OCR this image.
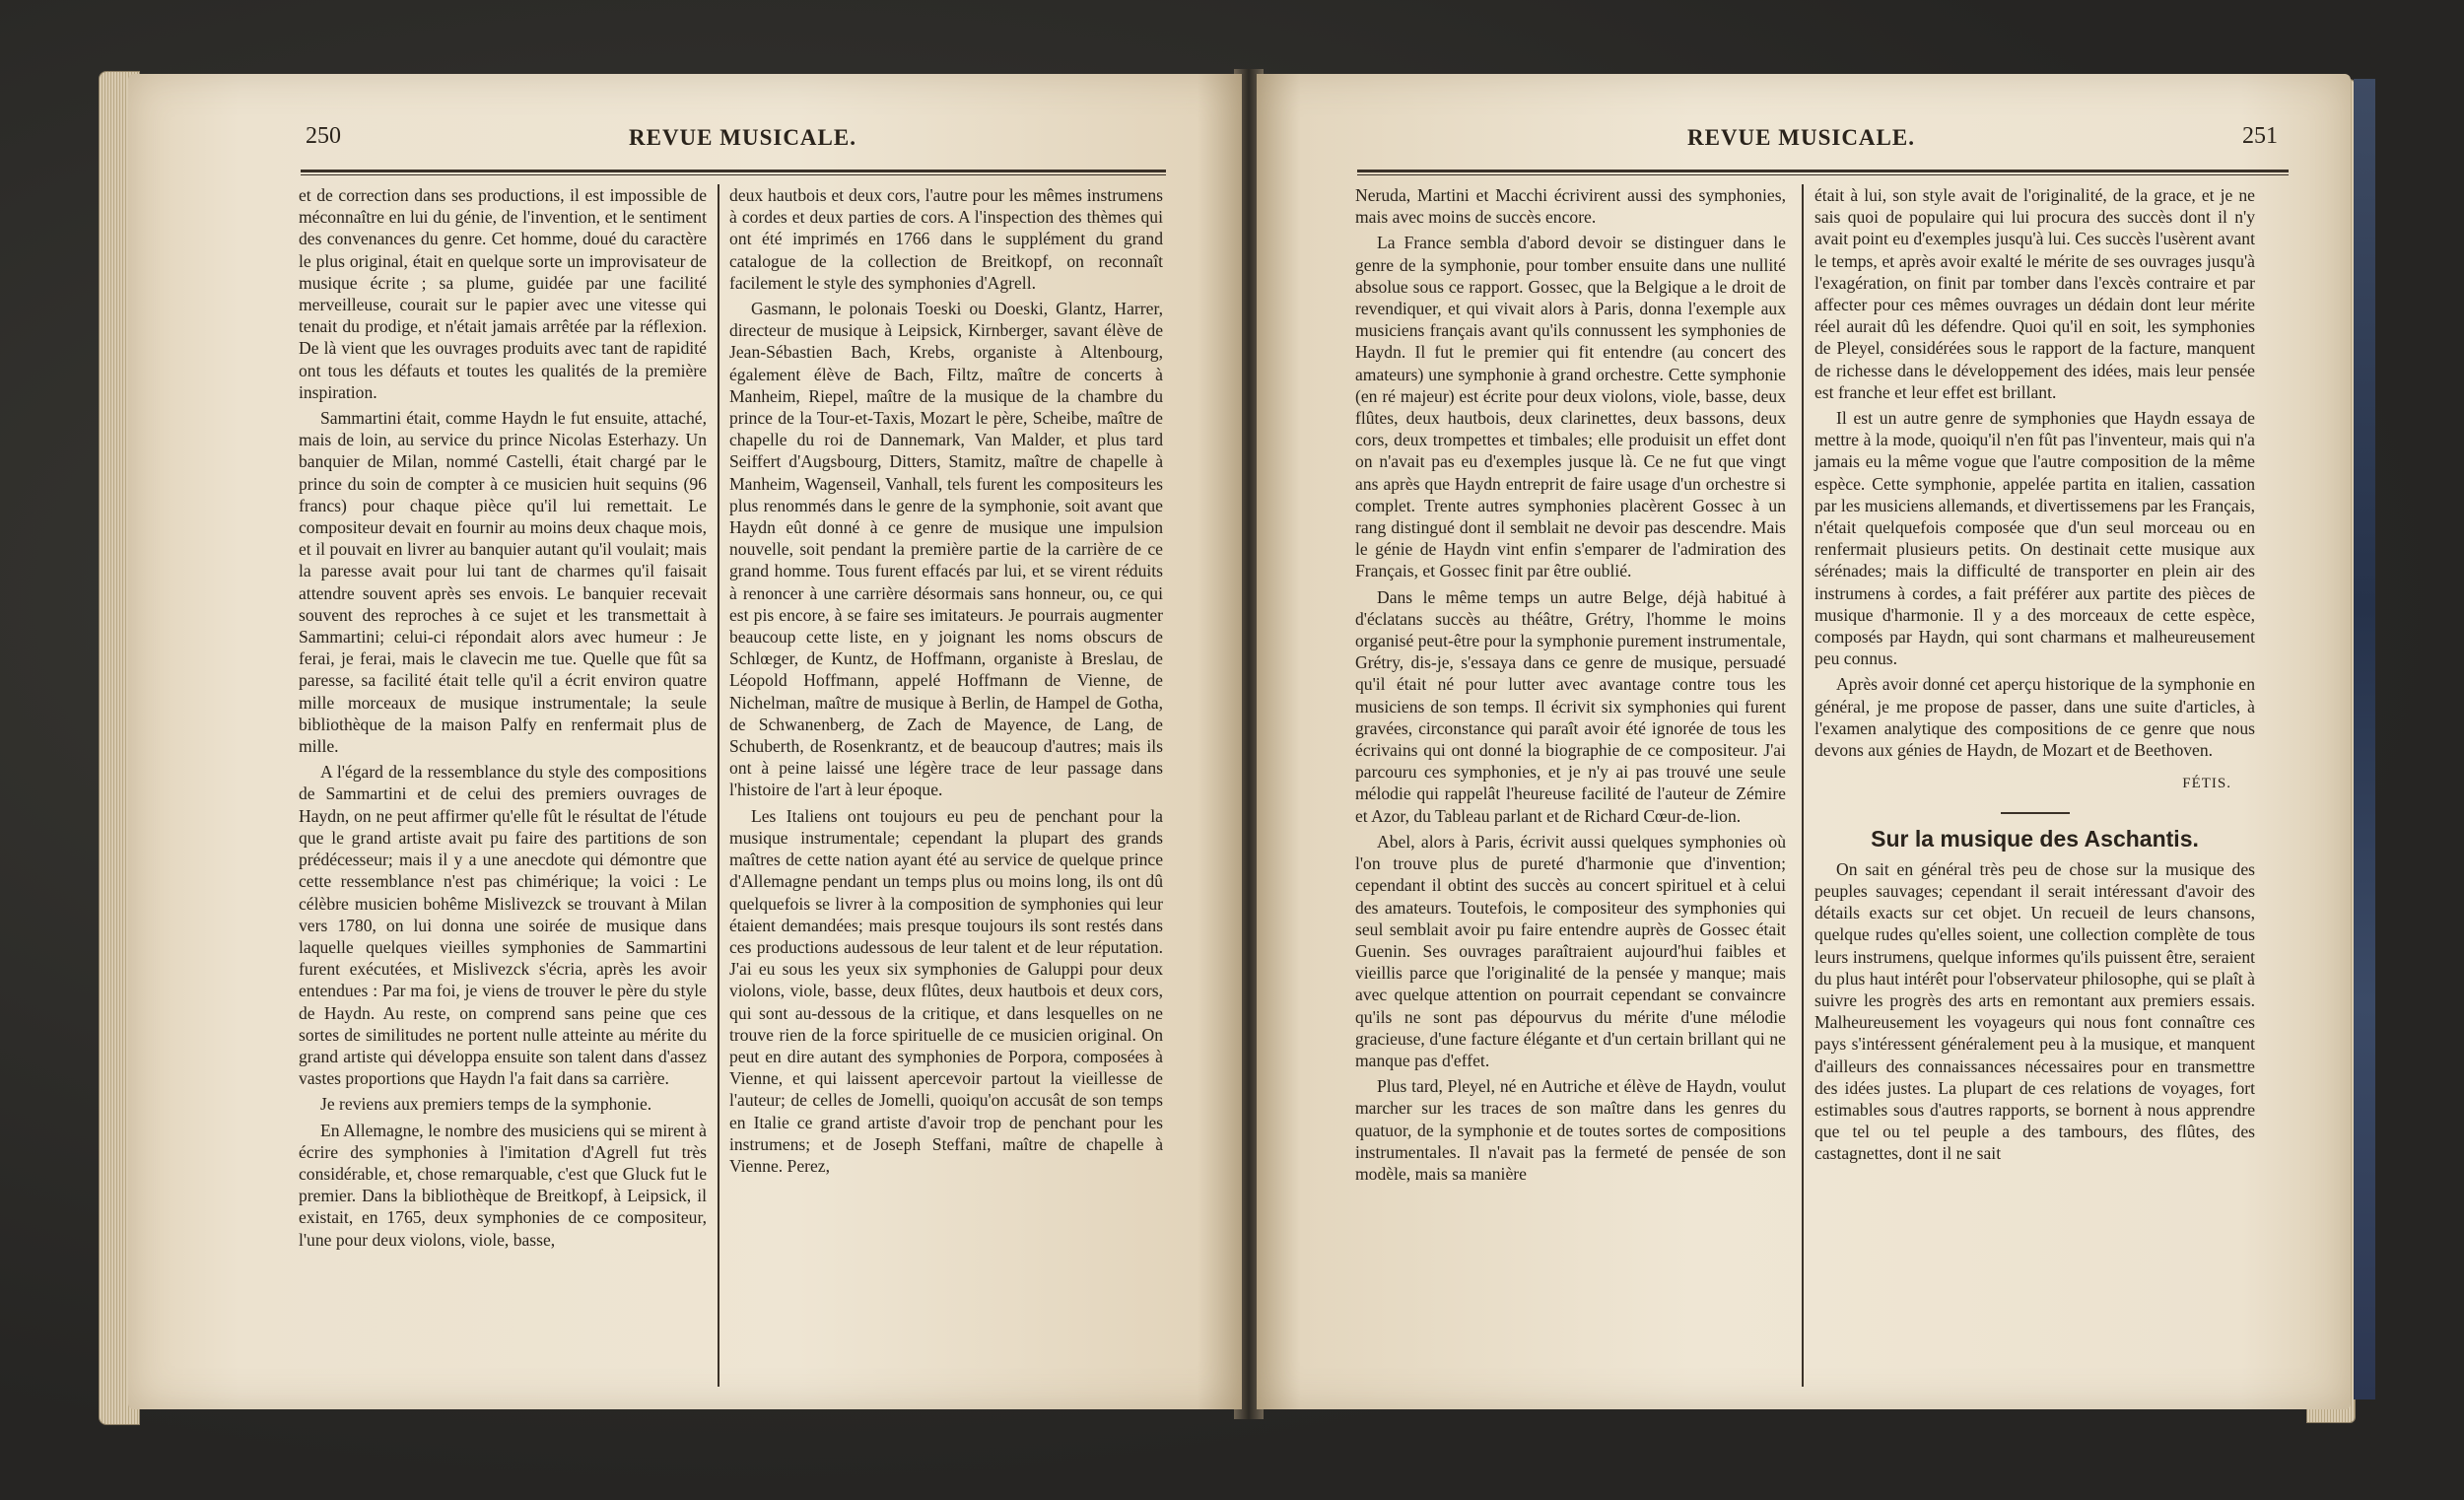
250	REVUE MUSICALE.

et de correction dans ses productions, il est impossible de méconnaître en lui du génie, de l'invention, et le sentiment des convenances du genre. Cet homme, doué du caractère le plus original, était en quelque sorte un improvisateur de musique écrite ; sa plume, guidée par une facilité merveilleuse, courait sur le papier avec une vitesse qui tenait du prodige, et n'était jamais arrêtée par la réflexion. De là vient que les ouvrages produits avec tant de rapidité ont tous les défauts et toutes les qualités de la première inspiration.

Sammartini était, comme Haydn le fut ensuite, attaché, mais de loin, au service du prince Nicolas Esterhazy. Un banquier de Milan, nommé Castelli, était chargé par le prince du soin de compter à ce musicien huit sequins (96 francs) pour chaque pièce qu'il lui remettait. Le compositeur devait en fournir au moins deux chaque mois, et il pouvait en livrer au banquier autant qu'il voulait; mais la paresse avait pour lui tant de charmes qu'il faisait attendre souvent après ses envois. Le banquier recevait souvent des reproches à ce sujet et les transmettait à Sammartini; celui-ci répondait alors avec humeur : Je ferai, je ferai, mais le clavecin me tue. Quelle que fût sa paresse, sa facilité était telle qu'il a écrit environ quatre mille morceaux de musique instrumentale; la seule bibliothèque de la maison Palfy en renfermait plus de mille.

A l'égard de la ressemblance du style des compositions de Sammartini et de celui des premiers ouvrages de Haydn, on ne peut affirmer qu'elle fût le résultat de l'étude que le grand artiste avait pu faire des partitions de son prédécesseur; mais il y a une anecdote qui démontre que cette ressemblance n'est pas chimérique; la voici : Le célèbre musicien bohême Mislivezck se trouvant à Milan vers 1780, on lui donna une soirée de musique dans laquelle quelques vieilles symphonies de Sammartini furent exécutées, et Mislivezck s'écria, après les avoir entendues : Par ma foi, je viens de trouver le père du style de Haydn. Au reste, on comprend sans peine que ces sortes de similitudes ne portent nulle atteinte au mérite du grand artiste qui développa ensuite son talent dans d'assez vastes proportions que Haydn l'a fait dans sa carrière.

Je reviens aux premiers temps de la symphonie.

En Allemagne, le nombre des musiciens qui se mirent à écrire des symphonies à l'imitation d'Agrell fut très considérable, et, chose remarquable, c'est que Gluck fut le premier. Dans la bibliothèque de Breitkopf, à Leipsick, il existait, en 1765, deux symphonies de ce compositeur, l'une pour deux violons, viole, basse,

deux hautbois et deux cors, l'autre pour les mêmes instrumens à cordes et deux parties de cors. A l'inspection des thèmes qui ont été imprimés en 1766 dans le supplément du grand catalogue de la collection de Breitkopf, on reconnaît facilement le style des symphonies d'Agrell.

Gasmann, le polonais Toeski ou Doeski, Glantz, Harrer, directeur de musique à Leipsick, Kirnberger, savant élève de Jean-Sébastien Bach, Krebs, organiste à Altenbourg, également élève de Bach, Filtz, maître de concerts à Manheim, Riepel, maître de la musique de la chambre du prince de la Tour-et-Taxis, Mozart le père, Scheibe, maître de chapelle du roi de Dannemark, Van Malder, et plus tard Seiffert d'Augsbourg, Ditters, Stamitz, maître de chapelle à Manheim, Wagenseil, Vanhall, tels furent les compositeurs les plus renommés dans le genre de la symphonie, soit avant que Haydn eût donné à ce genre de musique une impulsion nouvelle, soit pendant la première partie de la carrière de ce grand homme. Tous furent effacés par lui, et se virent réduits à renoncer à une carrière désormais sans honneur, ou, ce qui est pis encore, à se faire ses imitateurs. Je pourrais augmenter beaucoup cette liste, en y joignant les noms obscurs de Schlœger, de Kuntz, de Hoffmann, organiste à Breslau, de Léopold Hoffmann, appelé Hoffmann de Vienne, de Nichelman, maître de musique à Berlin, de Hampel de Gotha, de Schwanenberg, de Zach de Mayence, de Lang, de Schuberth, de Rosenkrantz, et de beaucoup d'autres; mais ils ont à peine laissé une légère trace de leur passage dans l'histoire de l'art à leur époque.

Les Italiens ont toujours eu peu de penchant pour la musique instrumentale; cependant la plupart des grands maîtres de cette nation ayant été au service de quelque prince d'Allemagne pendant un temps plus ou moins long, ils ont dû quelquefois se livrer à la composition de symphonies qui leur étaient demandées; mais presque toujours ils sont restés dans ces productions audessous de leur talent et de leur réputation. J'ai eu sous les yeux six symphonies de Galuppi pour deux violons, viole, basse, deux flûtes, deux hautbois et deux cors, qui sont au-dessous de la critique, et dans lesquelles on ne trouve rien de la force spirituelle de ce musicien original. On peut en dire autant des symphonies de Porpora, composées à Vienne, et qui laissent apercevoir partout la vieillesse de l'auteur; de celles de Jomelli, quoiqu'on accusât de son temps en Italie ce grand artiste d'avoir trop de penchant pour les instrumens; et de Joseph Steffani, maître de chapelle à Vienne. Perez,

REVUE MUSICALE.	251

Neruda, Martini et Macchi écrivirent aussi des symphonies, mais avec moins de succès encore.

La France sembla d'abord devoir se distinguer dans le genre de la symphonie, pour tomber ensuite dans une nullité absolue sous ce rapport. Gossec, que la Belgique a le droit de revendiquer, et qui vivait alors à Paris, donna l'exemple aux musiciens français avant qu'ils connussent les symphonies de Haydn. Il fut le premier qui fit entendre (au concert des amateurs) une symphonie à grand orchestre. Cette symphonie (en ré majeur) est écrite pour deux violons, viole, basse, deux flûtes, deux hautbois, deux clarinettes, deux bassons, deux cors, deux trompettes et timbales; elle produisit un effet dont on n'avait pas eu d'exemples jusque là. Ce ne fut que vingt ans après que Haydn entreprit de faire usage d'un orchestre si complet. Trente autres symphonies placèrent Gossec à un rang distingué dont il semblait ne devoir pas descendre. Mais le génie de Haydn vint enfin s'emparer de l'admiration des Français, et Gossec finit par être oublié.

Dans le même temps un autre Belge, déjà habitué à d'éclatans succès au théâtre, Grétry, l'homme le moins organisé peut-être pour la symphonie purement instrumentale, Grétry, dis-je, s'essaya dans ce genre de musique, persuadé qu'il était né pour lutter avec avantage contre tous les musiciens de son temps. Il écrivit six symphonies qui furent gravées, circonstance qui paraît avoir été ignorée de tous les écrivains qui ont donné la biographie de ce compositeur. J'ai parcouru ces symphonies, et je n'y ai pas trouvé une seule mélodie qui rappelât l'heureuse facilité de l'auteur de Zémire et Azor, du Tableau parlant et de Richard Cœur-de-lion.

Abel, alors à Paris, écrivit aussi quelques symphonies où l'on trouve plus de pureté d'harmonie que d'invention; cependant il obtint des succès au concert spirituel et à celui des amateurs. Toutefois, le compositeur des symphonies qui seul semblait avoir pu faire entendre auprès de Gossec était Guenin. Ses ouvrages paraîtraient aujourd'hui faibles et vieillis parce que l'originalité de la pensée y manque; mais avec quelque attention on pourrait cependant se convaincre qu'ils ne sont pas dépourvus du mérite d'une mélodie gracieuse, d'une facture élégante et d'un certain brillant qui ne manque pas d'effet.

Plus tard, Pleyel, né en Autriche et élève de Haydn, voulut marcher sur les traces de son maître dans les genres du quatuor, de la symphonie et de toutes sortes de compositions instrumentales. Il n'avait pas la fermeté de pensée de son modèle, mais sa manière

était à lui, son style avait de l'originalité, de la grace, et je ne sais quoi de populaire qui lui procura des succès dont il n'y avait point eu d'exemples jusqu'à lui. Ces succès l'usèrent avant le temps, et après avoir exalté le mérite de ses ouvrages jusqu'à l'exagération, on finit par tomber dans l'excès contraire et par affecter pour ces mêmes ouvrages un dédain dont leur mérite réel aurait dû les défendre. Quoi qu'il en soit, les symphonies de Pleyel, considérées sous le rapport de la facture, manquent de richesse dans le développement des idées, mais leur pensée est franche et leur effet est brillant.

Il est un autre genre de symphonies que Haydn essaya de mettre à la mode, quoiqu'il n'en fût pas l'inventeur, mais qui n'a jamais eu la même vogue que l'autre composition de la même espèce. Cette symphonie, appelée partita en italien, cassation par les musiciens allemands, et divertissemens par les Français, n'était quelquefois composée que d'un seul morceau ou en renfermait plusieurs petits. On destinait cette musique aux sérénades; mais la difficulté de transporter en plein air des instrumens à cordes, a fait préférer aux partite des pièces de musique d'harmonie. Il y a des morceaux de cette espèce, composés par Haydn, qui sont charmans et malheureusement peu connus.

Après avoir donné cet aperçu historique de la symphonie en général, je me propose de passer, dans une suite d'articles, à l'examen analytique des compositions de ce genre que nous devons aux génies de Haydn, de Mozart et de Beethoven.

FÉTIS.
Sur la musique des Aschantis.

On sait en général très peu de chose sur la musique des peuples sauvages; cependant il serait intéressant d'avoir des détails exacts sur cet objet. Un recueil de leurs chansons, quelque rudes qu'elles soient, une collection complète de tous leurs instrumens, quelque informes qu'ils puissent être, seraient du plus haut intérêt pour l'observateur philosophe, qui se plaît à suivre les progrès des arts en remontant aux premiers essais. Malheureusement les voyageurs qui nous font connaître ces pays s'intéressent généralement peu à la musique, et manquent d'ailleurs des connaissances nécessaires pour en transmettre des idées justes. La plupart de ces relations de voyages, fort estimables sous d'autres rapports, se bornent à nous apprendre que tel ou tel peuple a des tambours, des flûtes, des castagnettes, dont il ne sait
